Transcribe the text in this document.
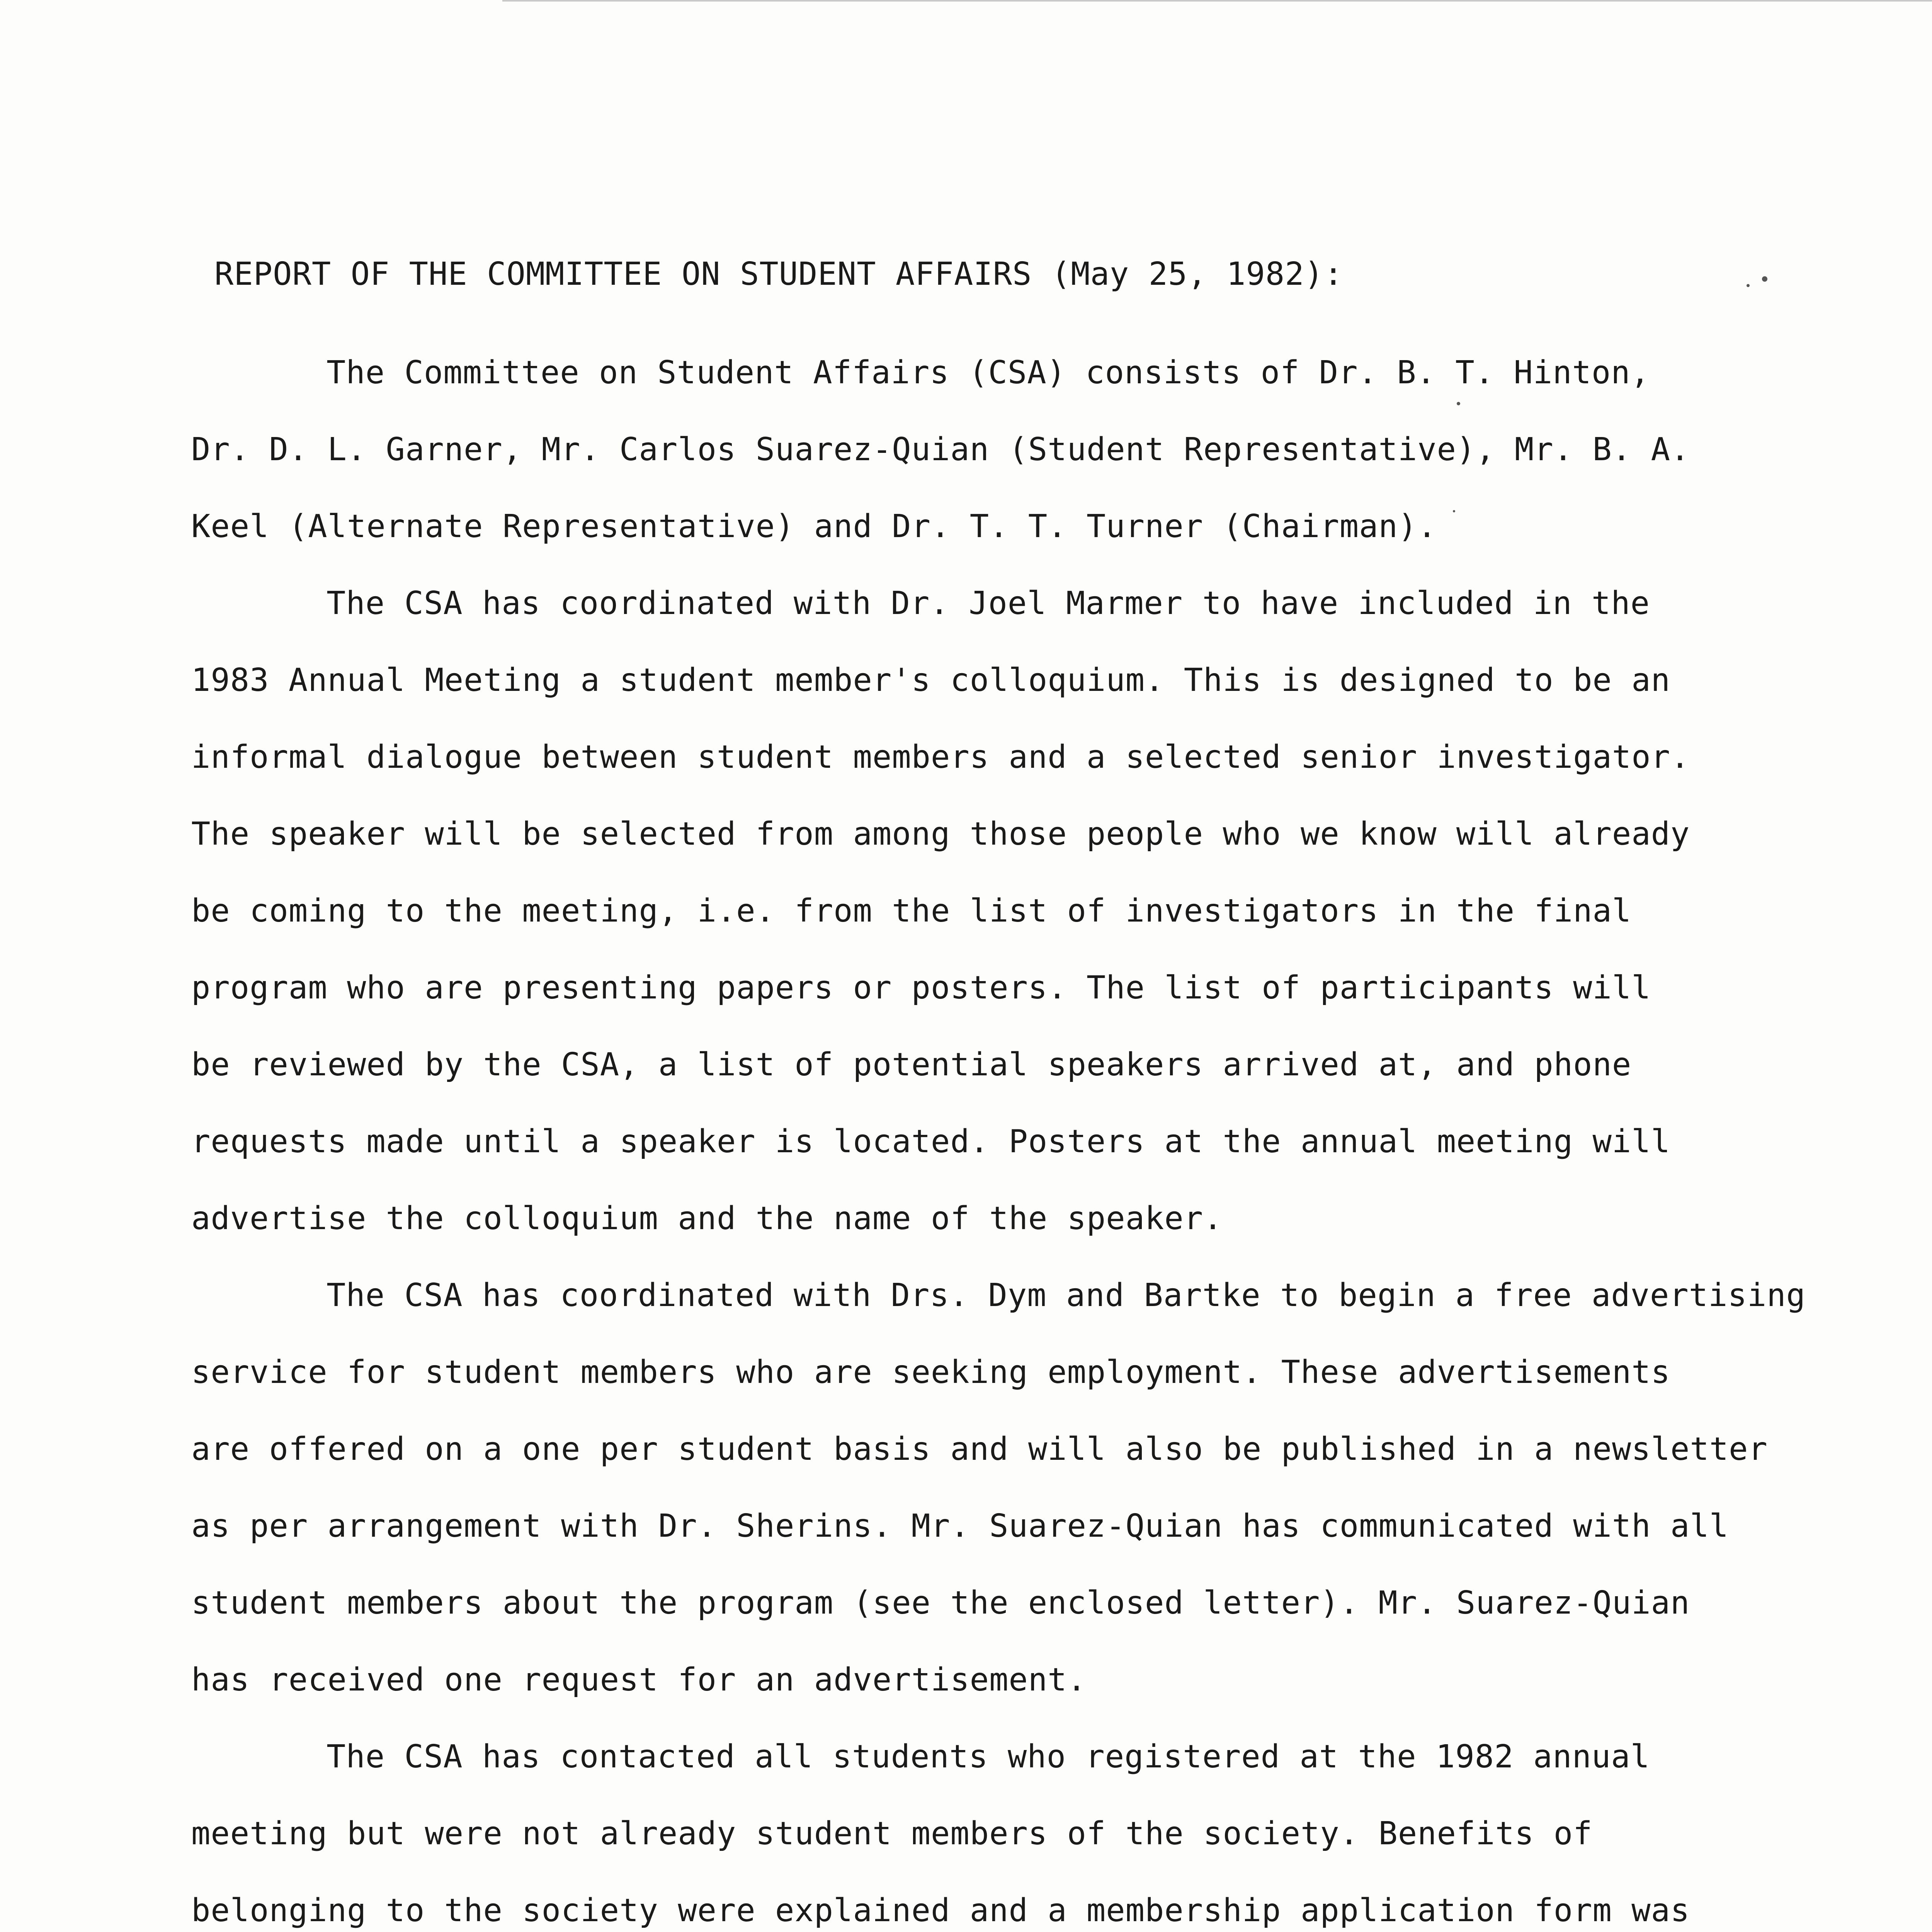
REPORT OF THE COMMITTEE ON STUDENT AFFAIRS (May 25, 1982):
The Committee on Student Affairs (CSA) consists of Dr. B. T. Hinton,
Dr. D. L. Garner, Mr. Carlos Suarez-Quian (Student Representative), Mr. B. A.
Keel (Alternate Representative) and Dr. T. T. Turner (Chairman).
The CSA has coordinated with Dr. Joel Marmer to have included in the
1983 Annual Meeting a student member's colloquium. This is designed to be an
informal dialogue between student members and a selected senior investigator.
The speaker will be selected from among those people who we know will already
be coming to the meeting, i.e. from the list of investigators in the final
program who are presenting papers or posters. The list of participants will
be reviewed by the CSA, a list of potential speakers arrived at, and phone
requests made until a speaker is located. Posters at the annual meeting will
advertise the colloquium and the name of the speaker.
The CSA has coordinated with Drs. Dym and Bartke to begin a free advertising
service for student members who are seeking employment. These advertisements
are offered on a one per student basis and will also be published in a newsletter
as per arrangement with Dr. Sherins. Mr. Suarez-Quian has communicated with all
student members about the program (see the enclosed letter). Mr. Suarez-Quian
has received one request for an advertisement.
The CSA has contacted all students who registered at the 1982 annual
meeting but were not already student members of the society. Benefits of
belonging to the society were explained and a membership application form was
